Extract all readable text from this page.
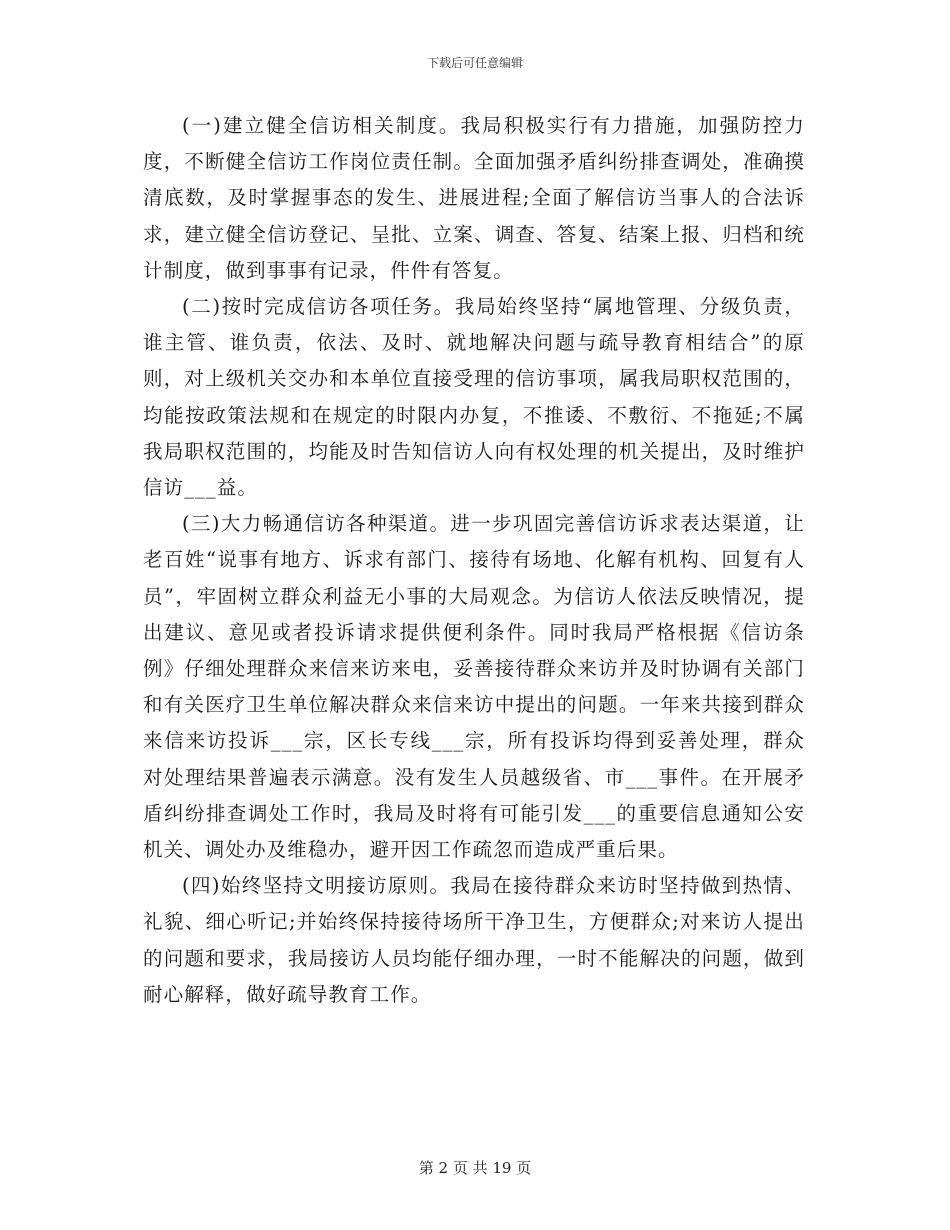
下载后可任意编辑

(一)建立健全信访相关制度。我局积极实行有力措施，加强防控力度，不断健全信访工作岗位责任制。全面加强矛盾纠纷排查调处，准确摸清底数，及时掌握事态的发生、进展进程;全面了解信访当事人的合法诉求，建立健全信访登记、呈批、立案、调查、答复、结案上报、归档和统计制度，做到事事有记录，件件有答复。

(二)按时完成信访各项任务。我局始终坚持“属地管理、分级负责，谁主管、谁负责，依法、及时、就地解决问题与疏导教育相结合”的原则，对上级机关交办和本单位直接受理的信访事项，属我局职权范围的，均能按政策法规和在规定的时限内办复，不推诿、不敷衍、不拖延;不属我局职权范围的，均能及时告知信访人向有权处理的机关提出，及时维护信访___益。

(三)大力畅通信访各种渠道。进一步巩固完善信访诉求表达渠道，让老百姓“说事有地方、诉求有部门、接待有场地、化解有机构、回复有人员”，牢固树立群众利益无小事的大局观念。为信访人依法反映情况，提出建议、意见或者投诉请求提供便利条件。同时我局严格根据《信访条例》仔细处理群众来信来访来电，妥善接待群众来访并及时协调有关部门和有关医疗卫生单位解决群众来信来访中提出的问题。一年来共接到群众来信来访投诉___宗，区长专线___宗，所有投诉均得到妥善处理，群众对处理结果普遍表示满意。没有发生人员越级省、市___事件。在开展矛盾纠纷排查调处工作时，我局及时将有可能引发___的重要信息通知公安机关、调处办及维稳办，避开因工作疏忽而造成严重后果。

(四)始终坚持文明接访原则。我局在接待群众来访时坚持做到热情、礼貌、细心听记;并始终保持接待场所干净卫生，方便群众;对来访人提出的问题和要求，我局接访人员均能仔细办理，一时不能解决的问题，做到耐心解释，做好疏导教育工作。

第 2 页 共 19 页
